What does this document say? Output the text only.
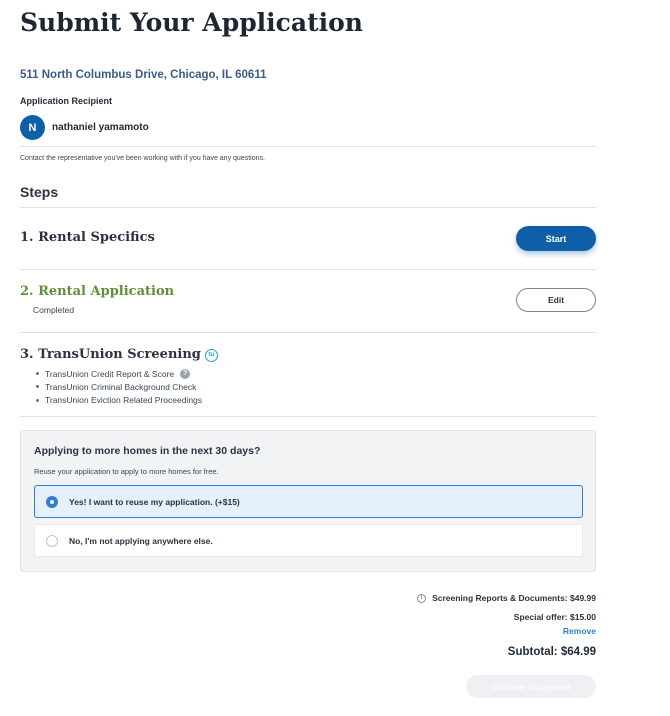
Submit Your Application
511 North Columbus Drive, Chicago, IL 60611
Application Recipient
N	nathaniel yamamoto
Contact the representative you've been working with if you have any questions.
Steps
1. Rental Specifics	Start
2. Rental Application
Completed
Edit
3. TransUnion Screening tu
TransUnion Credit Report & Score	?
TransUnion Criminal Background Check
TransUnion Eviction Related Proceedings
Applying to more homes in the next 30 days?
Reuse your application to apply to more homes for free.
Yes! I want to reuse my application. (+$15)
No, I'm not applying anywhere else.
i	Screening Reports & Documents: $49.99
Special offer: $15.00
Remove
Subtotal: $64.99
Continue to payment
